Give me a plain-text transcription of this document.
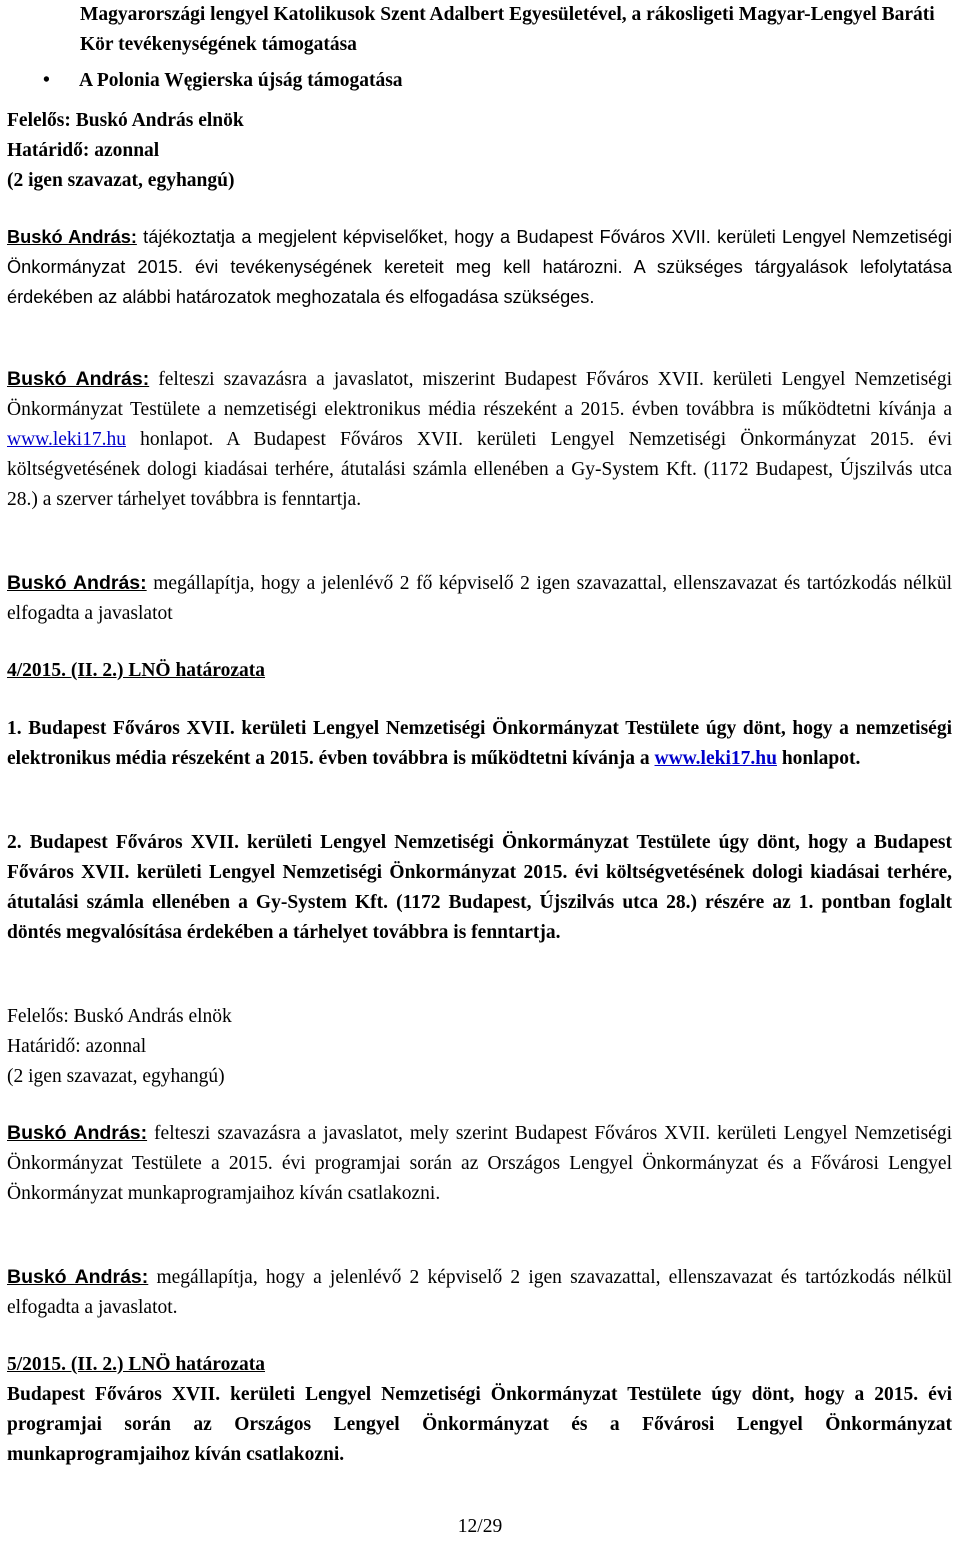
Magyarországi lengyel Katolikusok Szent Adalbert Egyesületével, a rákosligeti Magyar-Lengyel Baráti Kör tevékenységének támogatása

• A Polonia Węgierska újság támogatása

Felelős: Buskó András elnök

Határidő: azonnal

(2 igen szavazat, egyhangú)

Buskó András: tájékoztatja a megjelent képviselőket, hogy a Budapest Főváros XVII. kerületi Lengyel Nemzetiségi Önkormányzat 2015. évi tevékenységének kereteit meg kell határozni. A szükséges tárgyalások lefolytatása érdekében az alábbi határozatok meghozatala és elfogadása szükséges.

Buskó András: felteszi szavazásra a javaslatot, miszerint Budapest Főváros XVII. kerületi Lengyel Nemzetiségi Önkormányzat Testülete a nemzetiségi elektronikus média részeként a 2015. évben továbbra is működtetni kívánja a www.leki17.hu honlapot. A Budapest Főváros XVII. kerületi Lengyel Nemzetiségi Önkormányzat 2015. évi költségvetésének dologi kiadásai terhére, átutalási számla ellenében a Gy-System Kft. (1172 Budapest, Újszilvás utca 28.) a szerver tárhelyet továbbra is fenntartja.

Buskó András: megállapítja, hogy a jelenlévő 2 fő képviselő 2 igen szavazattal, ellenszavazat és tartózkodás nélkül elfogadta a javaslatot

4/2015. (II. 2.) LNÖ határozata

1. Budapest Főváros XVII. kerületi Lengyel Nemzetiségi Önkormányzat Testülete úgy dönt, hogy a nemzetiségi elektronikus média részeként a 2015. évben továbbra is működtetni kívánja a www.leki17.hu honlapot.

2. Budapest Főváros XVII. kerületi Lengyel Nemzetiségi Önkormányzat Testülete úgy dönt, hogy a Budapest Főváros XVII. kerületi Lengyel Nemzetiségi Önkormányzat 2015. évi költségvetésének dologi kiadásai terhére, átutalási számla ellenében a Gy-System Kft. (1172 Budapest, Újszilvás utca 28.) részére az 1. pontban foglalt döntés megvalósítása érdekében a tárhelyet továbbra is fenntartja.

Felelős: Buskó András elnök

Határidő: azonnal

(2 igen szavazat, egyhangú)

Buskó András: felteszi szavazásra a javaslatot, mely szerint Budapest Főváros XVII. kerületi Lengyel Nemzetiségi Önkormányzat Testülete a 2015. évi programjai során az Országos Lengyel Önkormányzat és a Fővárosi Lengyel Önkormányzat munkaprogramjaihoz kíván csatlakozni.

Buskó András: megállapítja, hogy a jelenlévő 2 képviselő 2 igen szavazattal, ellenszavazat és tartózkodás nélkül elfogadta a javaslatot.

5/2015. (II. 2.) LNÖ határozata

Budapest Főváros XVII. kerületi Lengyel Nemzetiségi Önkormányzat Testülete úgy dönt, hogy a 2015. évi programjai során az Országos Lengyel Önkormányzat és a Fővárosi Lengyel Önkormányzat munkaprogramjaihoz kíván csatlakozni.

12/29
